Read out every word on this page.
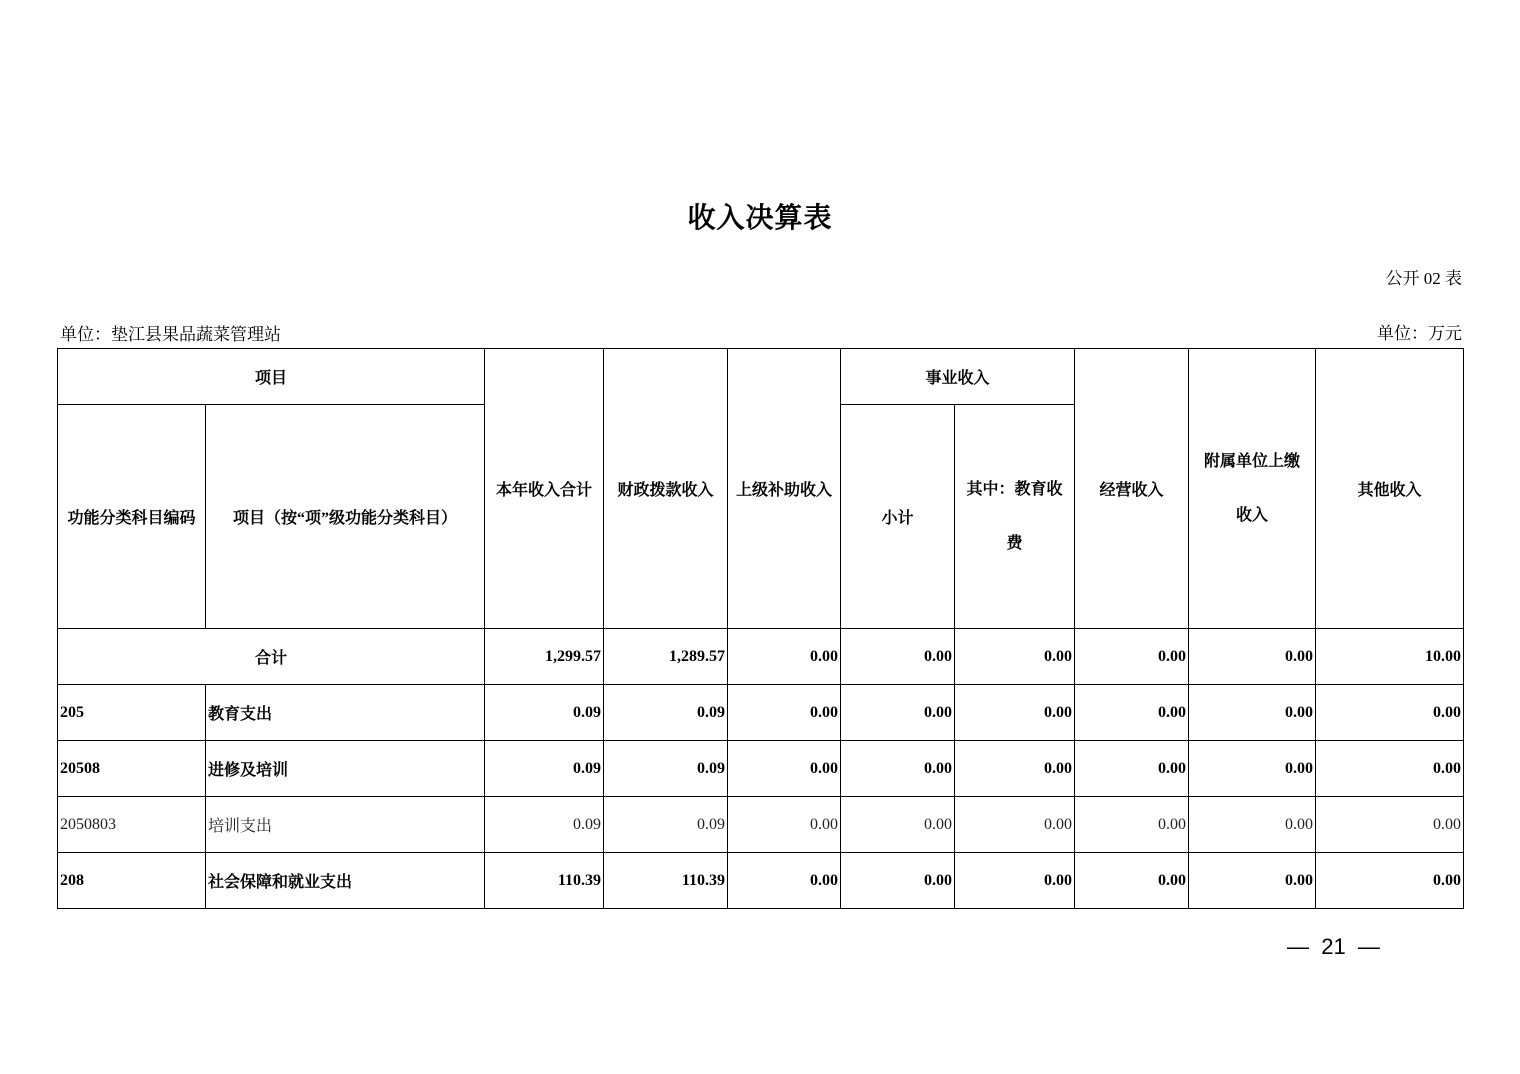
收入决算表
公开 02 表
单位：垫江县果品蔬菜管理站	单位：万元
项目		本年收入合计	财政拨款收入	上级补助收入	事业收入		经营收入	附属单位上缴收入	其他收入
功能分类科目编码	项目（按“项”级功能分类科目）				小计	其中：教育收费			
合计		1,299.57	1,289.57	0.00	0.00	0.00	0.00	0.00	10.00
205	教育支出	0.09	0.09	0.00	0.00	0.00	0.00	0.00	0.00
20508	进修及培训	0.09	0.09	0.00	0.00	0.00	0.00	0.00	0.00
2050803	培训支出	0.09	0.09	0.00	0.00	0.00	0.00	0.00	0.00
208	社会保障和就业支出	110.39	110.39	0.00	0.00	0.00	0.00	0.00	0.00
—  21  —
